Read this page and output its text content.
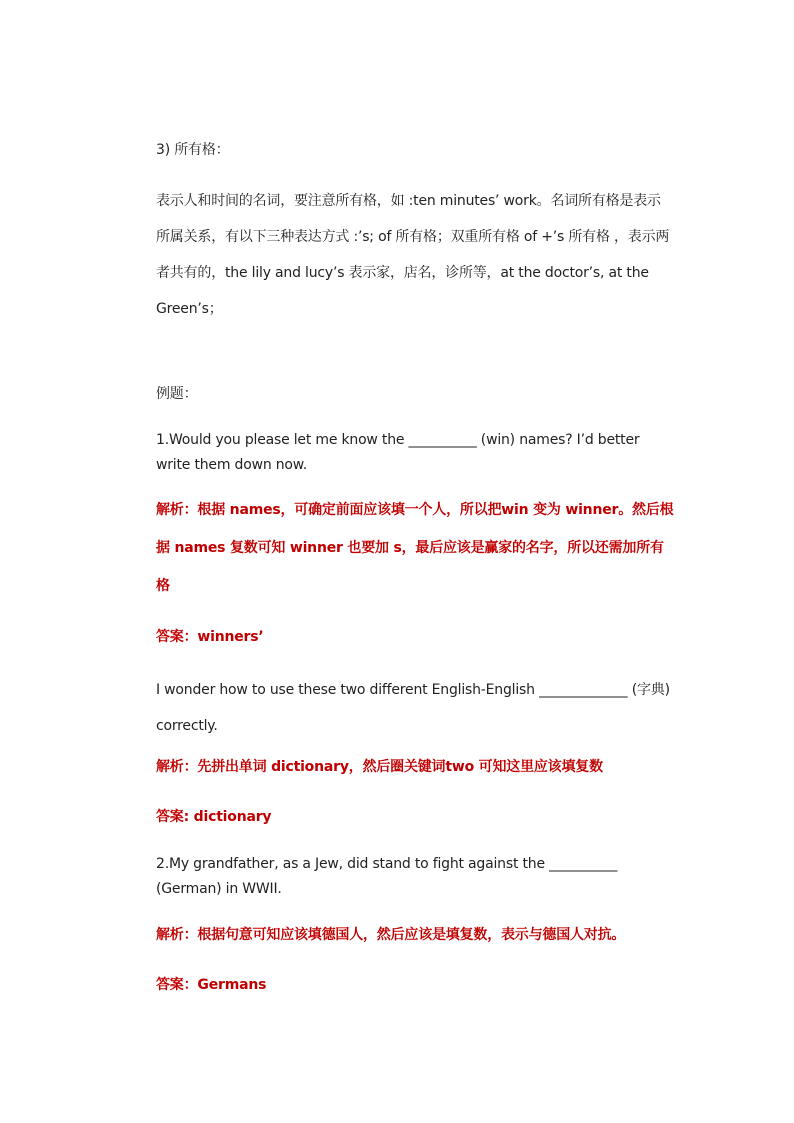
3) 所有格：

表示人和时间的名词，要注意所有格，如 :ten minutes’ work。名词所有格是表示所属关系，有以下三种表达方式 :’s; of 所有格；双重所有格 of +’s 所有格 ，表示两者共有的，the lily and lucy’s 表示家，店名，诊所等，at the doctor’s, at the Green’s；

例题：

1.Would you please let me know the __________ (win) names? I’d better write them down now.

解析：根据 names，可确定前面应该填一个人，所以把win 变为 winner。然后根据 names 复数可知 winner 也要加 s，最后应该是赢家的名字，所以还需加所有格

答案：winners’

I wonder how to use these two different English-English _____________ (字典) correctly.

解析：先拼出单词 dictionary，然后圈关键词two 可知这里应该填复数

答案: dictionary

2.My grandfather, as a Jew, did stand to fight against the __________ (German) in WWII.

解析：根据句意可知应该填德国人，然后应该是填复数，表示与德国人对抗。

答案：Germans
